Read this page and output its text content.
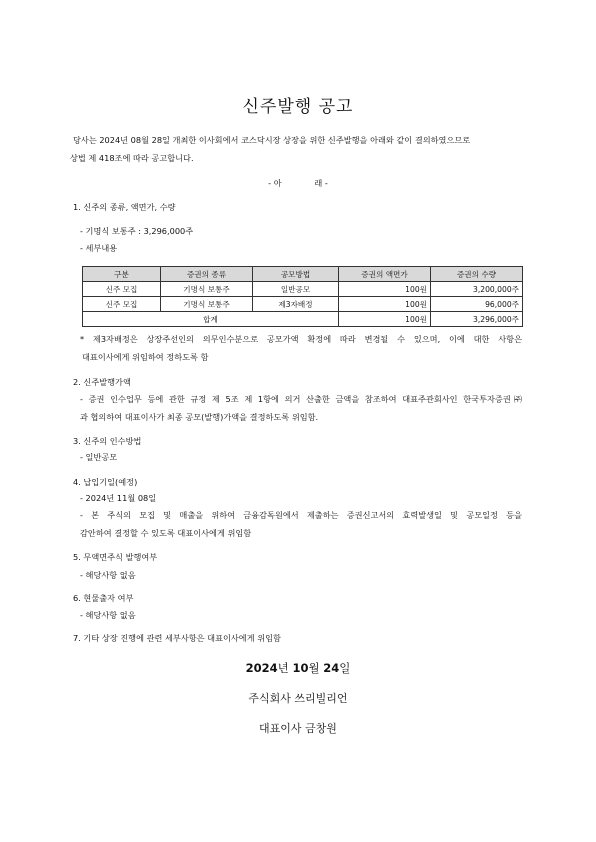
신주발행 공고
당사는 2024년 08월 28일 개최한 이사회에서 코스닥시장 상장을 위한 신주발행을 아래와 같이 결의하였으므로
상법 제 418조에 따라 공고합니다.
- 아　　　　래 -
1. 신주의 종류, 액면가, 수량
- 기명식 보통주 : 3,296,000주
- 세부내용
구분	증권의 종류	공모방법	증권의 액면가	증권의 수량
신주 모집	기명식 보통주	일반공모	100원	3,200,000주
신주 모집	기명식 보통주	제3자배정	100원	96,000주
합계			100원	3,296,000주
* 제3자배정은 상장주선인의 의무인수분으로 공모가액 확정에 따라 변경될 수 있으며, 이에 대한 사항은
대표이사에게 위임하여 정하도록 함
2. 신주발행가액
- 증권 인수업무 등에 관한 규정 제 5조 제 1항에 의거 산출한 금액을 참조하여 대표주관회사인 한국투자증권㈜
과 협의하여 대표이사가 최종 공모(발행)가액을 결정하도록 위임함.
3. 신주의 인수방법
- 일반공모
4. 납입기일(예정)
- 2024년 11월 08일
- 본 주식의 모집 및 매출을 위하여 금융감독원에서 제출하는 증권신고서의 효력발생일 및 공모일정 등을
감안하여 결정할 수 있도록 대표이사에게 위임함
5. 무액면주식 발행여부
- 해당사항 없음
6. 현물출자 여부
- 해당사항 없음
7. 기타 상장 진행에 관련 세부사항은 대표이사에게 위임함
2024년 10월 24일
주식회사 쓰리빌리언
대표이사 금창원
